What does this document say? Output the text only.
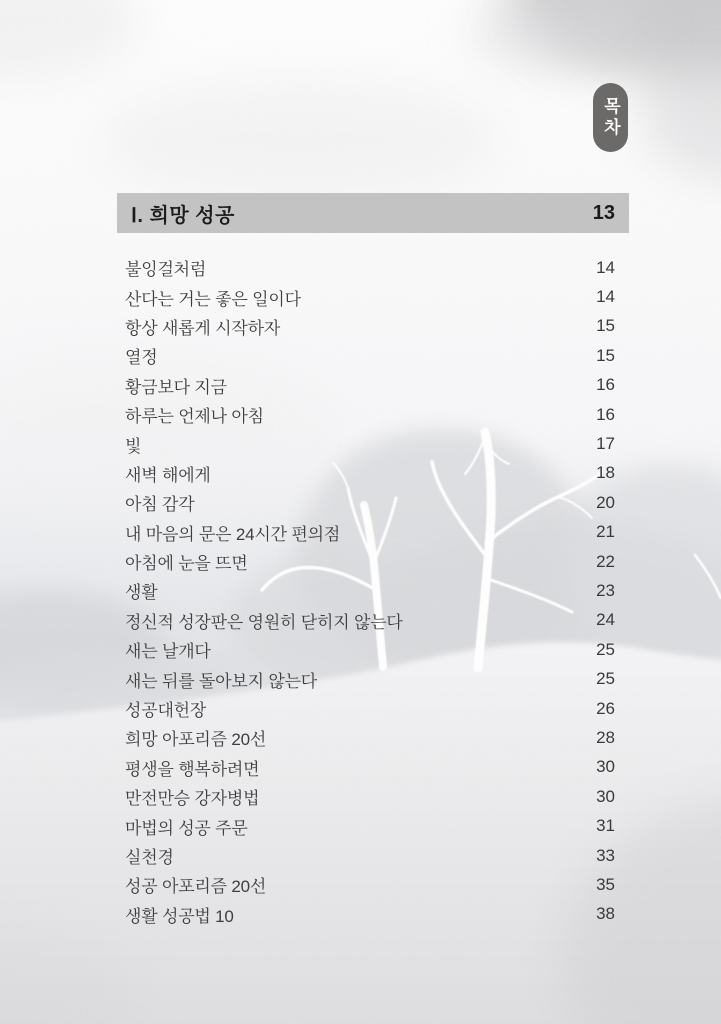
목차
Ⅰ. 희망 성공	13
불잉걸처럼	14
산다는 거는 좋은 일이다	14
항상 새롭게 시작하자	15
열정	15
황금보다 지금	16
하루는 언제나 아침	16
빛	17
새벽 해에게	18
아침 감각	20
내 마음의 문은 24시간 편의점	21
아침에 눈을 뜨면	22
생활	23
정신적 성장판은 영원히 닫히지 않는다	24
새는 날개다	25
새는 뒤를 돌아보지 않는다	25
성공대헌장	26
희망 아포리즘 20선	28
평생을 행복하려면	30
만전만승 강자병법	30
마법의 성공 주문	31
실천경	33
성공 아포리즘 20선	35
생활 성공법 10	38
